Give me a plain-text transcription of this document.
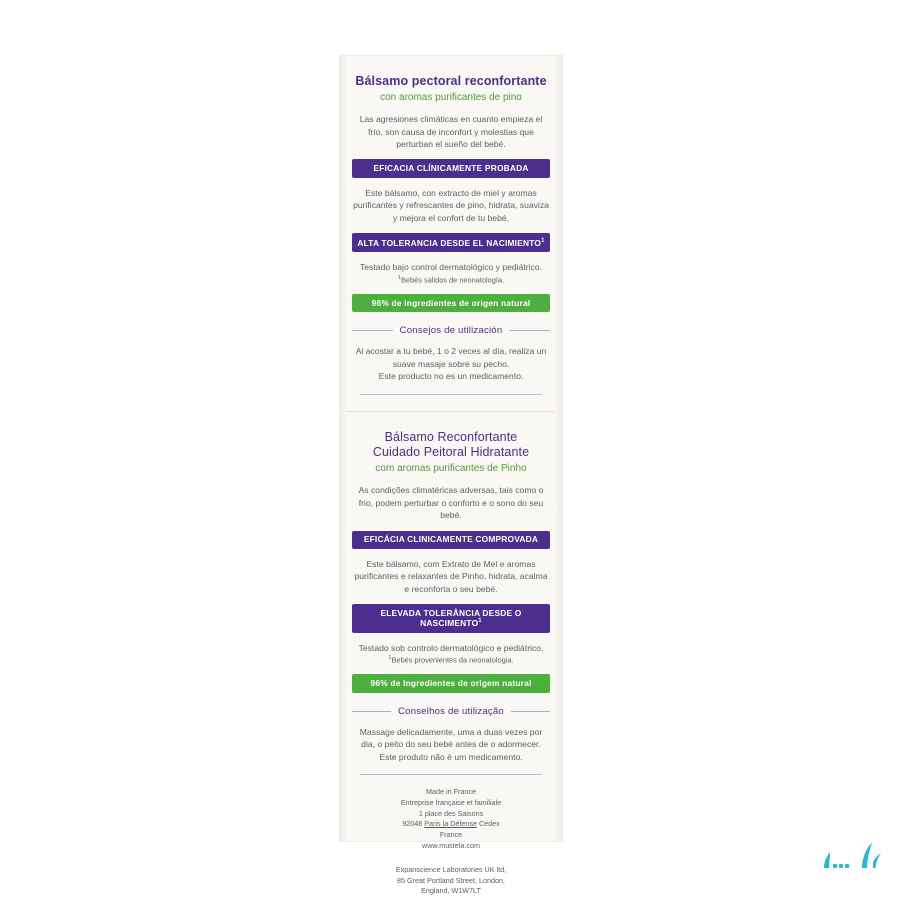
Bálsamo pectoral reconfortante

con aromas purificantes de pino

Las agresiones climáticas en cuanto empieza el frío, son causa de inconfort y molestias que perturban el sueño del bebé.

EFICACIA CLÍNICAMENTE PROBADA

Este bálsamo, con extracto de miel y aromas purificantes y refrescantes de pino, hidrata, suaviza y mejora el confort de tu bebé.

ALTA TOLERANCIA DESDE EL NACIMIENTO$^1$

Testado bajo control dermatológico y pediátrico.

$^1$Bebés salidos de neonatología.

96% de Ingredientes de origen natural
Consejos de utilización

Al acostar a tu bebé, 1 o 2 veces al día, realiza un suave masaje sobre su pecho.

Este producto no es un medicamento.

Bálsamo Reconfortante
Cuidado Peitoral Hidratante

com aromas purificantes de Pinho

As condições climatéricas adversas, tais como o frio, podem perturbar o conforto e o sono do seu bebé.

EFICÁCIA CLINICAMENTE COMPROVADA

Este bálsamo, com Extrato de Mel e aromas purificantes e relaxantes de Pinho, hidrata, acalma e reconforta o seu bebé.

ELEVADA TOLERÂNCIA DESDE O NASCIMENTO$^1$

Testado sob controlo dermatológico e pediátrico.

$^1$Bebés provenientes da neonatologia.

96% de Ingredientes de origem natural
Conselhos de utilização

Massage delicadamente, uma a duas vezes por dia, o peito do seu bebé antes de o adormecer.

Este produto não é um medicamento.

Made in France

Entreprise française et familiale

1 place des Saisons

92048 Paris la Défense Cedex

France

www.mustela.com

Expanscience Laboratories UK ltd,

85 Great Portland Street, London,

England, W1W7LT
